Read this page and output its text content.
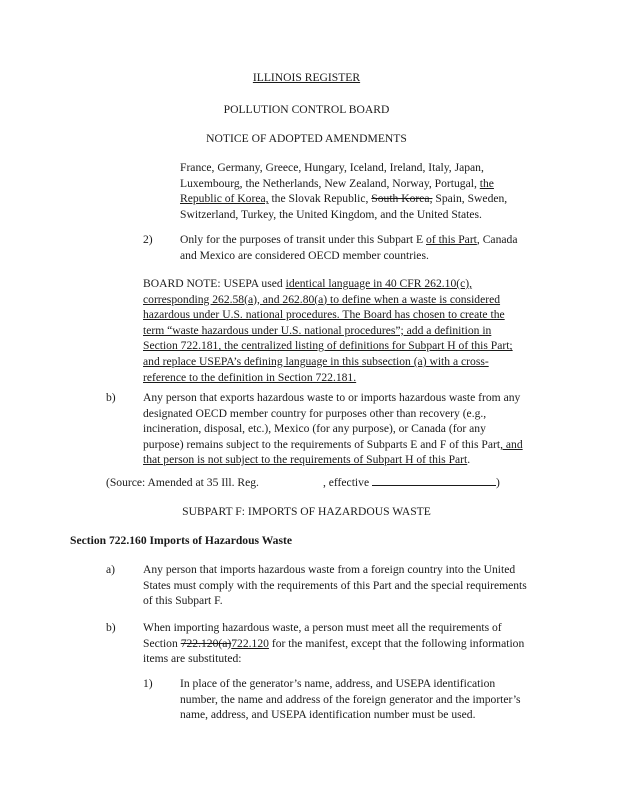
ILLINOIS REGISTER
POLLUTION CONTROL BOARD
NOTICE OF ADOPTED AMENDMENTS
France, Germany, Greece, Hungary, Iceland, Ireland, Italy, Japan,
Luxembourg, the Netherlands, New Zealand, Norway, Portugal, the
Republic of Korea, the Slovak Republic, South Korea, Spain, Sweden,
Switzerland, Turkey, the United Kingdom, and the United States.
2) Only for the purposes of transit under this Subpart E of this Part, Canada
and Mexico are considered OECD member countries.
BOARD NOTE: USEPA used identical language in 40 CFR 262.10(c),
corresponding 262.58(a), and 262.80(a) to define when a waste is considered
hazardous under U.S. national procedures. The Board has chosen to create the
term “waste hazardous under U.S. national procedures”; add a definition in
Section 722.181, the centralized listing of definitions for Subpart H of this Part;
and replace USEPA’s defining language in this subsection (a) with a cross-
reference to the definition in Section 722.181.
b) Any person that exports hazardous waste to or imports hazardous waste from any
designated OECD member country for purposes other than recovery (e.g.,
incineration, disposal, etc.), Mexico (for any purpose), or Canada (for any
purpose) remains subject to the requirements of Subparts E and F of this Part, and
that person is not subject to the requirements of Subpart H of this Part.
(Source: Amended at 35 Ill. Reg.	, effective	)
SUBPART F: IMPORTS OF HAZARDOUS WASTE
Section 722.160 Imports of Hazardous Waste
a) Any person that imports hazardous waste from a foreign country into the United
States must comply with the requirements of this Part and the special requirements
of this Subpart F.
b) When importing hazardous waste, a person must meet all the requirements of
Section 722.120(a)722.120 for the manifest, except that the following information
items are substituted:
1) In place of the generator’s name, address, and USEPA identification
number, the name and address of the foreign generator and the importer’s
name, address, and USEPA identification number must be used.
